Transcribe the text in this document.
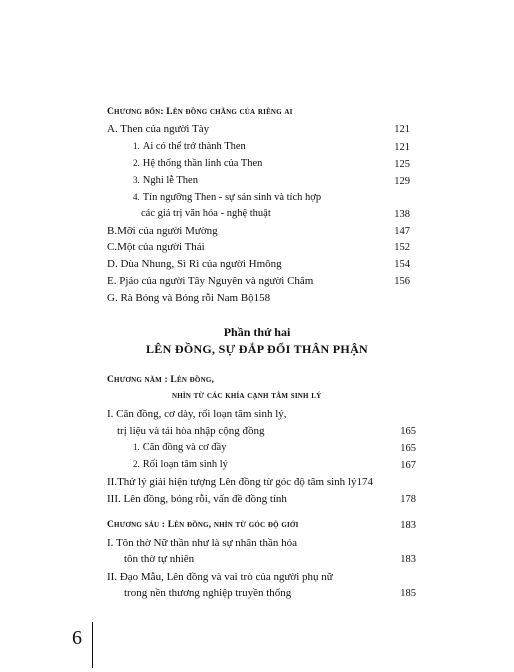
Chương bốn: Lên đồng chẳng của riêng ai
A. Then của người Tày	121
1. Ai có thể trở thành Then	121
2. Hệ thống thần linh của Then	125
3. Nghi lễ Then	129
4. Tín ngưỡng Then - sự sản sinh và tích hợp
các giá trị văn hóa - nghệ thuật	138
B.Mỡi của người Mường	147
C.Một của người Thái	152
D. Dùa Nhung, Sì Rì của người Hmông	154
E. Pjảo của người Tây Nguyên và người Chăm	156
G. Rà Bóng và Bóng rỗi Nam Bộ158
Phần thứ hai
LÊN ĐỒNG, SỰ ĐẮP ĐỔI THÂN PHẬN
Chương năm : Lên đồng,
nhìn từ các khía cạnh tâm sinh lý
I. Căn đồng, cơ dày, rối loạn tâm sinh lý,
trị liệu và tái hòa nhập cộng đồng	165
1. Căn đồng và cơ đầy	165
2. Rối loạn tâm sinh lý	167
II.Thử lý giải hiện tượng Lên đồng từ góc độ tâm sinh lý174
III. Lên đồng, bóng rỗi, vấn đề đồng tính	178
Chương sáu : Lên đồng, nhìn từ góc độ giới	183
I. Tôn thờ Nữ thần như là sự nhân thần hóa
tôn thờ tự nhiên	183
II. Đạo Mẫu, Lên đồng và vai trò của người phụ nữ
trong nền thương nghiệp truyền thống	185
6
